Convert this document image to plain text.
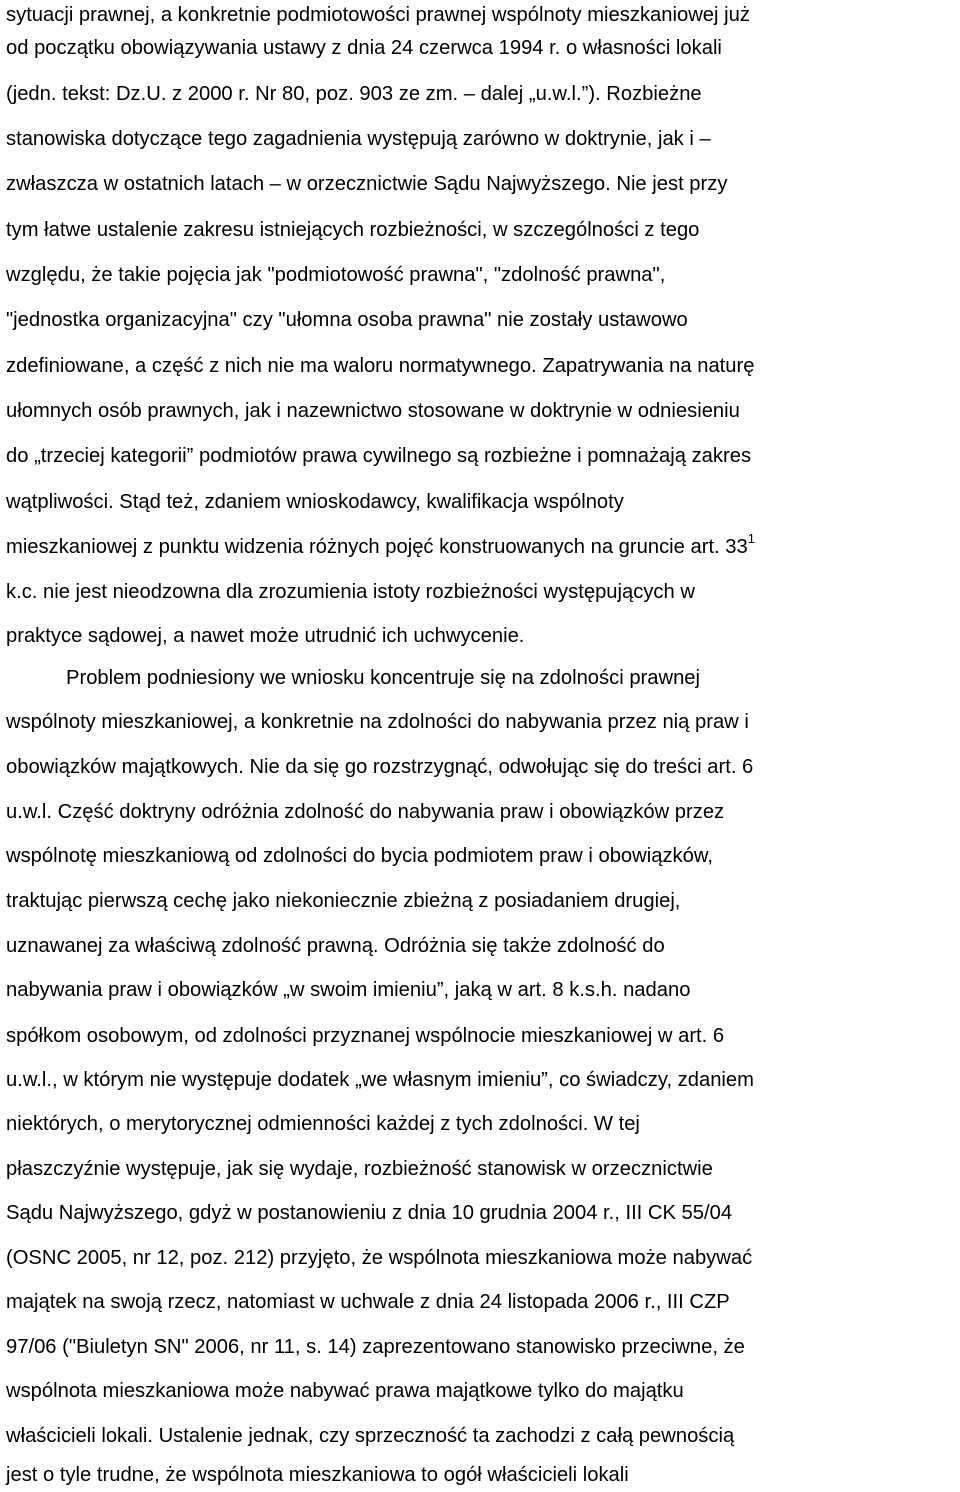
sytuacji prawnej, a konkretnie podmiotowości prawnej wspólnoty mieszkaniowej już
od początku obowiązywania ustawy z dnia 24 czerwca 1994 r. o własności lokali
(jedn. tekst: Dz.U. z 2000 r. Nr 80, poz. 903 ze zm. – dalej „u.w.l.”). Rozbieżne
stanowiska dotyczące tego zagadnienia występują zarówno w doktrynie, jak i –
zwłaszcza w ostatnich latach – w orzecznictwie Sądu Najwyższego. Nie jest przy
tym łatwe ustalenie zakresu istniejących rozbieżności, w szczególności z tego
względu, że takie pojęcia jak "podmiotowość prawna", "zdolność prawna",
"jednostka organizacyjna" czy "ułomna osoba prawna" nie zostały ustawowo
zdefiniowane, a część z nich nie ma waloru normatywnego. Zapatrywania na naturę
ułomnych osób prawnych, jak i nazewnictwo stosowane w doktrynie w odniesieniu
do „trzeciej kategorii” podmiotów prawa cywilnego są rozbieżne i pomnażają zakres
wątpliwości. Stąd też, zdaniem wnioskodawcy, kwalifikacja wspólnoty
mieszkaniowej z punktu widzenia różnych pojęć konstruowanych na gruncie art. $33^1$
k.c. nie jest nieodzowna dla zrozumienia istoty rozbieżności występujących w
praktyce sądowej, a nawet może utrudnić ich uchwycenie.
Problem podniesiony we wniosku koncentruje się na zdolności prawnej
wspólnoty mieszkaniowej, a konkretnie na zdolności do nabywania przez nią praw i
obowiązków majątkowych. Nie da się go rozstrzygnąć, odwołując się do treści art. 6
u.w.l. Część doktryny odróżnia zdolność do nabywania praw i obowiązków przez
wspólnotę mieszkaniową od zdolności do bycia podmiotem praw i obowiązków,
traktując pierwszą cechę jako niekoniecznie zbieżną z posiadaniem drugiej,
uznawanej za właściwą zdolność prawną. Odróżnia się także zdolność do
nabywania praw i obowiązków „w swoim imieniu”, jaką w art. 8 k.s.h. nadano
spółkom osobowym, od zdolności przyznanej wspólnocie mieszkaniowej w art. 6
u.w.l., w którym nie występuje dodatek „we własnym imieniu”, co świadczy, zdaniem
niektórych, o merytorycznej odmienności każdej z tych zdolności. W tej
płaszczyźnie występuje, jak się wydaje, rozbieżność stanowisk w orzecznictwie
Sądu Najwyższego, gdyż w postanowieniu z dnia 10 grudnia 2004 r., III CK 55/04
(OSNC 2005, nr 12, poz. 212) przyjęto, że wspólnota mieszkaniowa może nabywać
majątek na swoją rzecz, natomiast w uchwale z dnia 24 listopada 2006 r., III CZP
97/06 ("Biuletyn SN" 2006, nr 11, s. 14) zaprezentowano stanowisko przeciwne, że
wspólnota mieszkaniowa może nabywać prawa majątkowe tylko do majątku
właścicieli lokali. Ustalenie jednak, czy sprzeczność ta zachodzi z całą pewnością
jest o tyle trudne, że wspólnota mieszkaniowa to ogół właścicieli lokali
